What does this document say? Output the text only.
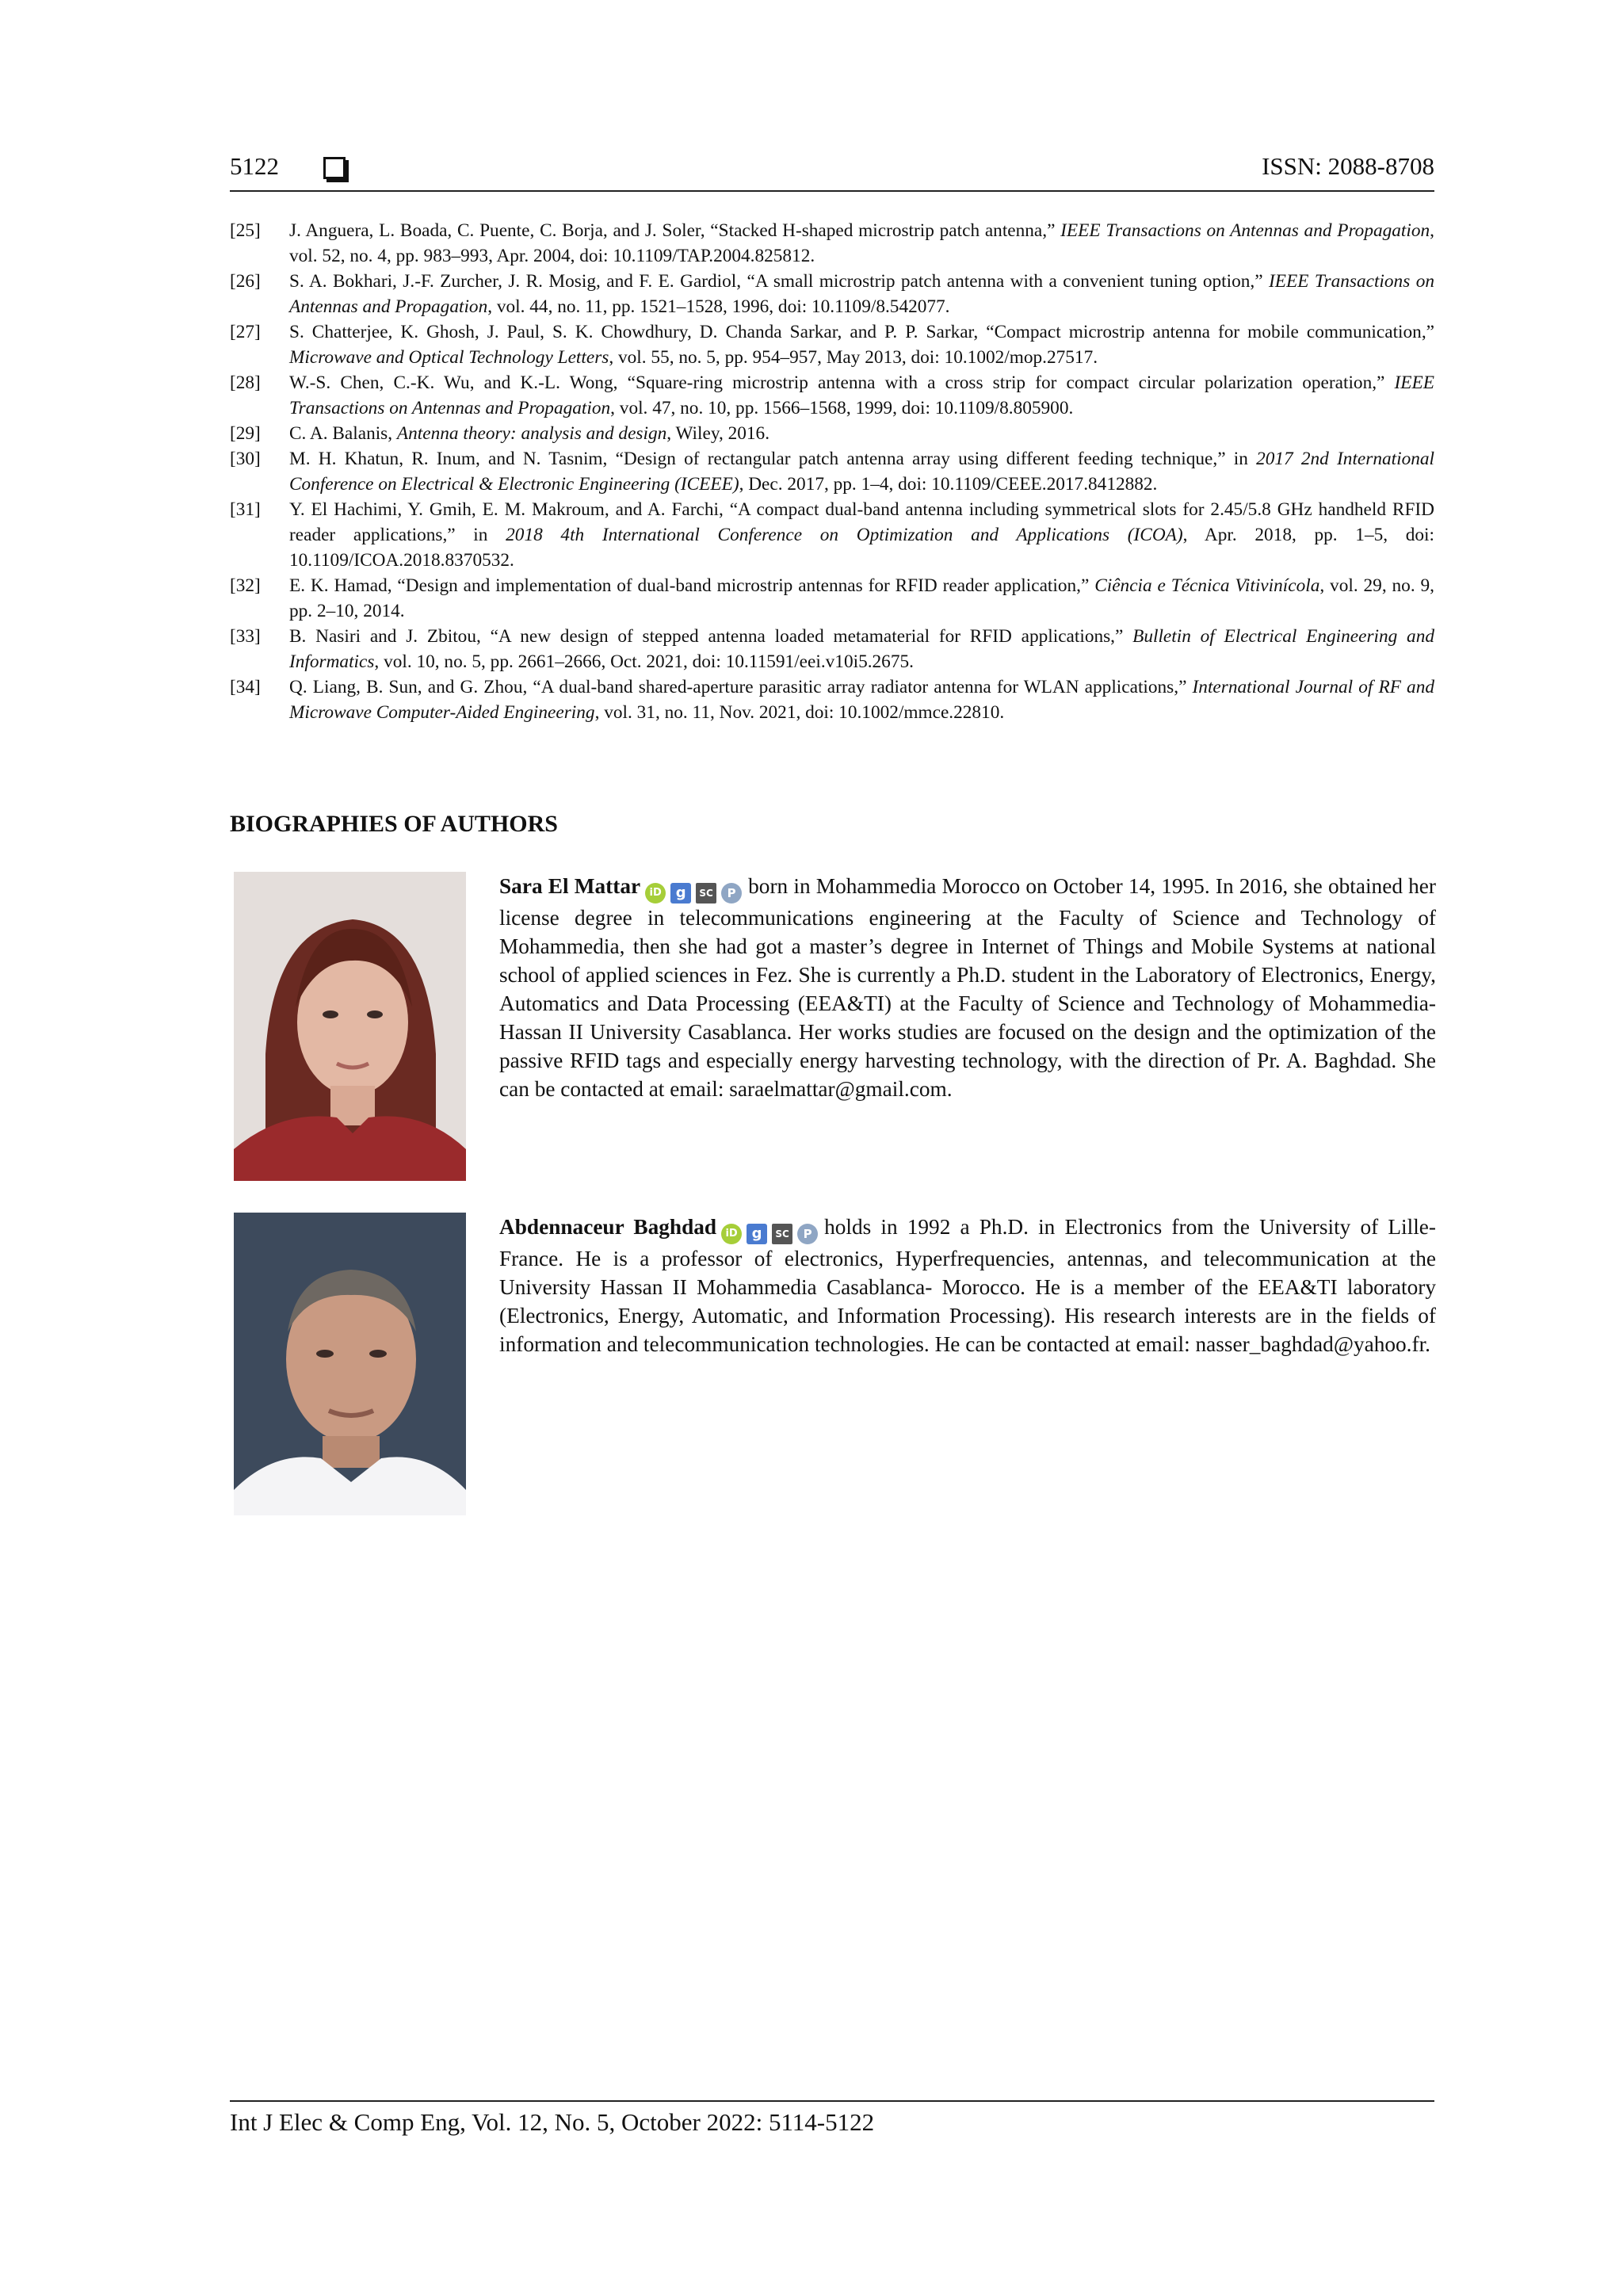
5122	ISSN: 2088-8708
[25]	J. Anguera, L. Boada, C. Puente, C. Borja, and J. Soler, “Stacked H-shaped microstrip patch antenna,” IEEE Transactions on Antennas and Propagation, vol. 52, no. 4, pp. 983–993, Apr. 2004, doi: 10.1109/TAP.2004.825812.
[26]	S. A. Bokhari, J.-F. Zurcher, J. R. Mosig, and F. E. Gardiol, “A small microstrip patch antenna with a convenient tuning option,” IEEE Transactions on Antennas and Propagation, vol. 44, no. 11, pp. 1521–1528, 1996, doi: 10.1109/8.542077.
[27]	S. Chatterjee, K. Ghosh, J. Paul, S. K. Chowdhury, D. Chanda Sarkar, and P. P. Sarkar, “Compact microstrip antenna for mobile communication,” Microwave and Optical Technology Letters, vol. 55, no. 5, pp. 954–957, May 2013, doi: 10.1002/mop.27517.
[28]	W.-S. Chen, C.-K. Wu, and K.-L. Wong, “Square-ring microstrip antenna with a cross strip for compact circular polarization operation,” IEEE Transactions on Antennas and Propagation, vol. 47, no. 10, pp. 1566–1568, 1999, doi: 10.1109/8.805900.
[29]	C. A. Balanis, Antenna theory: analysis and design, Wiley, 2016.
[30]	M. H. Khatun, R. Inum, and N. Tasnim, “Design of rectangular patch antenna array using different feeding technique,” in 2017 2nd International Conference on Electrical & Electronic Engineering (ICEEE), Dec. 2017, pp. 1–4, doi: 10.1109/CEEE.2017.8412882.
[31]	Y. El Hachimi, Y. Gmih, E. M. Makroum, and A. Farchi, “A compact dual-band antenna including symmetrical slots for 2.45/5.8 GHz handheld RFID reader applications,” in 2018 4th International Conference on Optimization and Applications (ICOA), Apr. 2018, pp. 1–5, doi: 10.1109/ICOA.2018.8370532.
[32]	E. K. Hamad, “Design and implementation of dual-band microstrip antennas for RFID reader application,” Ciência e Técnica Vitivinícola, vol. 29, no. 9, pp. 2–10, 2014.
[33]	B. Nasiri and J. Zbitou, “A new design of stepped antenna loaded metamaterial for RFID applications,” Bulletin of Electrical Engineering and Informatics, vol. 10, no. 5, pp. 2661–2666, Oct. 2021, doi: 10.11591/eei.v10i5.2675.
[34]	Q. Liang, B. Sun, and G. Zhou, “A dual-band shared-aperture parasitic array radiator antenna for WLAN applications,” International Journal of RF and Microwave Computer-Aided Engineering, vol. 31, no. 11, Nov. 2021, doi: 10.1002/mmce.22810.
BIOGRAPHIES OF AUTHORS
Sara El Mattar iD g	SC	P born in Mohammedia Morocco on October 14, 1995. In 2016, she obtained her license degree in telecommunications engineering at the Faculty of Science and Technology of Mohammedia, then she had got a master’s degree in Internet of Things and Mobile Systems at national school of applied sciences in Fez. She is currently a Ph.D. student in the Laboratory of Electronics, Energy, Automatics and Data Processing (EEA&TI) at the Faculty of Science and Technology of Mohammedia-Hassan II University Casablanca. Her works studies are focused on the design and the optimization of the passive RFID tags and especially energy harvesting technology, with the direction of Pr. A. Baghdad. She can be contacted at email: saraelmattar@gmail.com.
Abdennaceur Baghdad iD g	SC	P holds in 1992 a Ph.D. in Electronics from the University of Lille-France. He is a professor of electronics, Hyperfrequencies, antennas, and telecommunication at the University Hassan II Mohammedia Casablanca- Morocco. He is a member of the EEA&TI laboratory (Electronics, Energy, Automatic, and Information Processing). His research interests are in the fields of information and telecommunication technologies. He can be contacted at email: nasser_baghdad@yahoo.fr.
Int J Elec & Comp Eng, Vol. 12, No. 5, October 2022: 5114-5122
